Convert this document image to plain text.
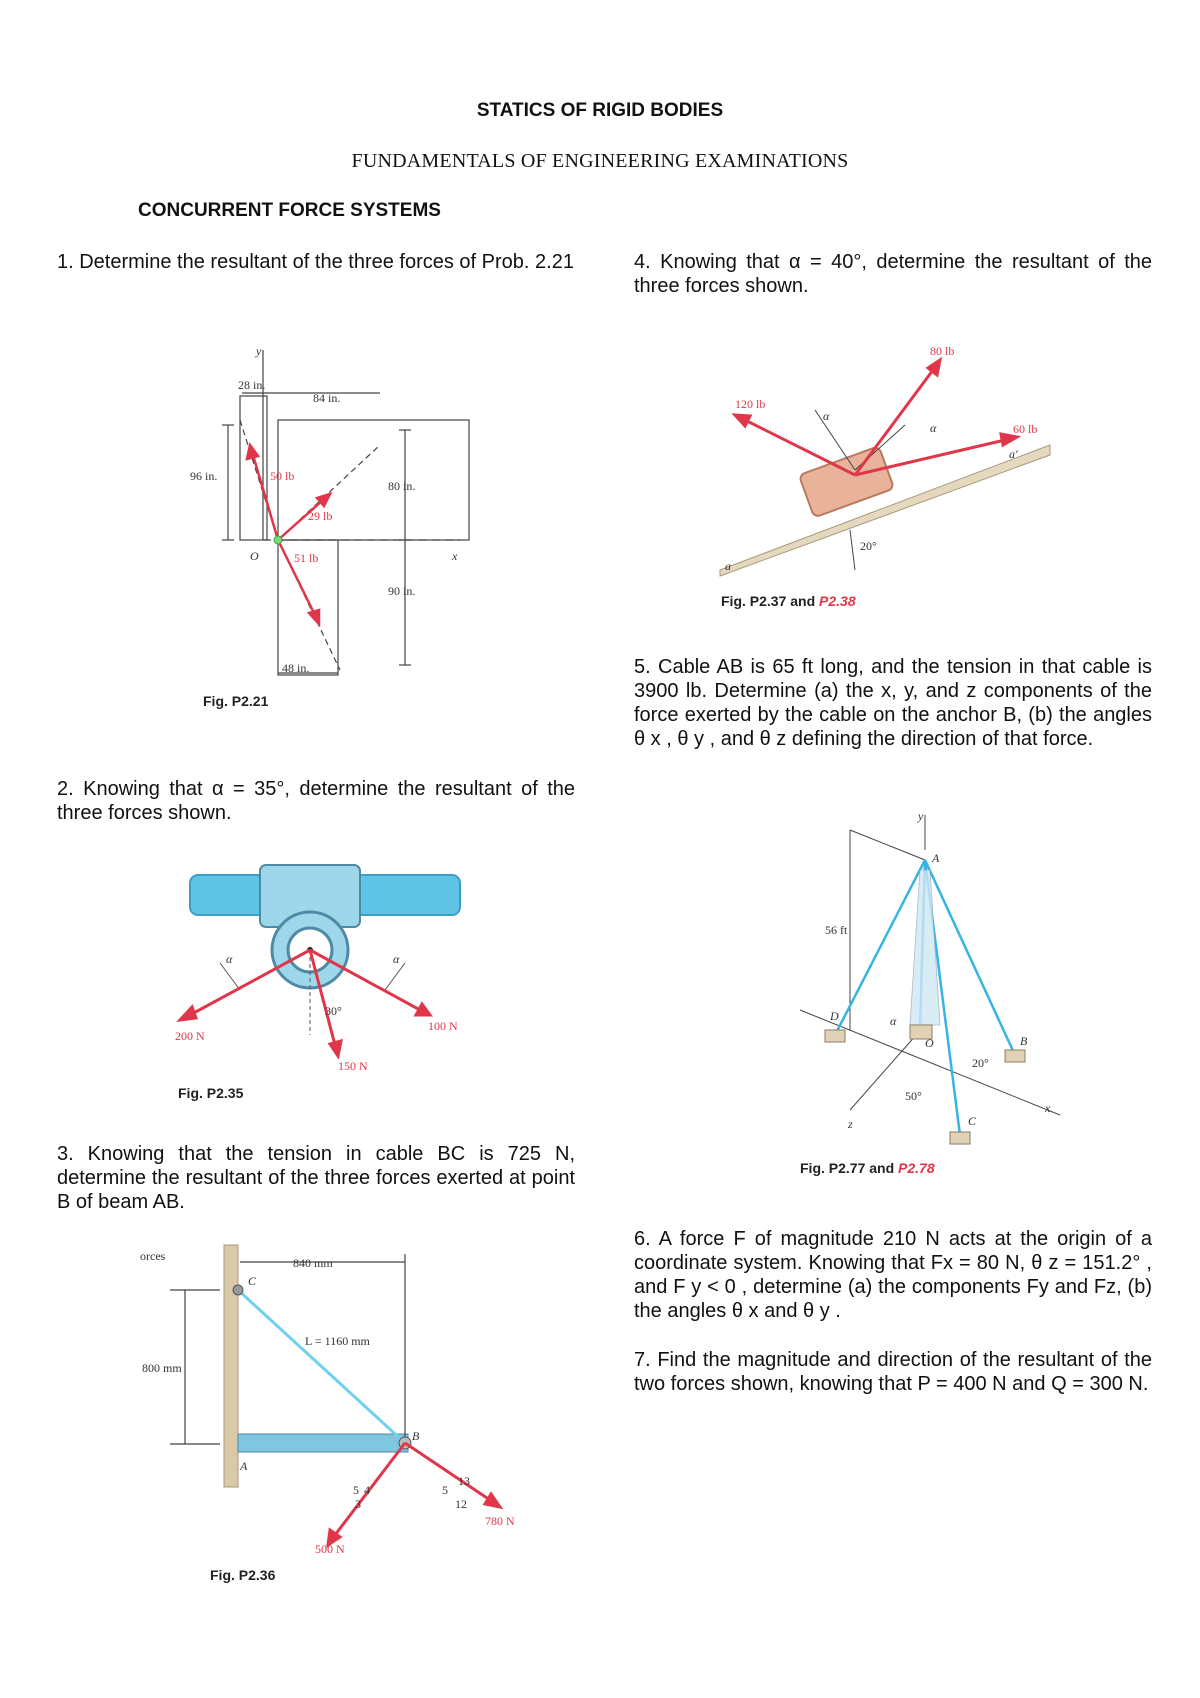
STATICS OF RIGID BODIES
FUNDAMENTALS OF ENGINEERING EXAMINATIONS
CONCURRENT FORCE SYSTEMS
1. Determine the resultant of the three forces of Prob. 2.21
2. Knowing that α = 35°, determine the resultant of the three forces shown.
3. Knowing that the tension in cable BC is 725 N, determine the resultant of the three forces exerted at point B of beam AB.
4. Knowing that α = 40°, determine the resultant of the three forces shown.
5. Cable AB is 65 ft long, and the tension in that cable is 3900 lb. Determine (a) the x, y, and z components of the force exerted by the cable on the anchor B, (b) the angles θ x , θ y , and θ z defining the direction of that force.
6. A force F of magnitude 210 N acts at the origin of a coordinate system. Knowing that Fx = 80 N, θ z = 151.2° , and F y < 0 , determine (a) the components Fy and Fz, (b) the angles θ x and θ y .
7. Find the magnitude and direction of the resultant of the two forces shown, knowing that P = 400 N and Q = 300 N.
y
x
O
28 in.
84 in.
96 in.
80 in.
90 in.
48 in.
50 lb
29 lb
51 lb
Fig. P2.21
α	α
200 N
150 N
100 N
30°
Fig. P2.35
orces	840 mm
800 mm
L = 1160 mm
C
A
B
500 N
780 N
5 4
3
5
13
12
Fig. P2.36
120 lb
80 lb
60 lb
α
α
a'
a
20°
Fig. P2.37 and P2.38
y
A
56 ft
D	α
O	B
20°
50°
C
z
x
Fig. P2.77 and P2.78
